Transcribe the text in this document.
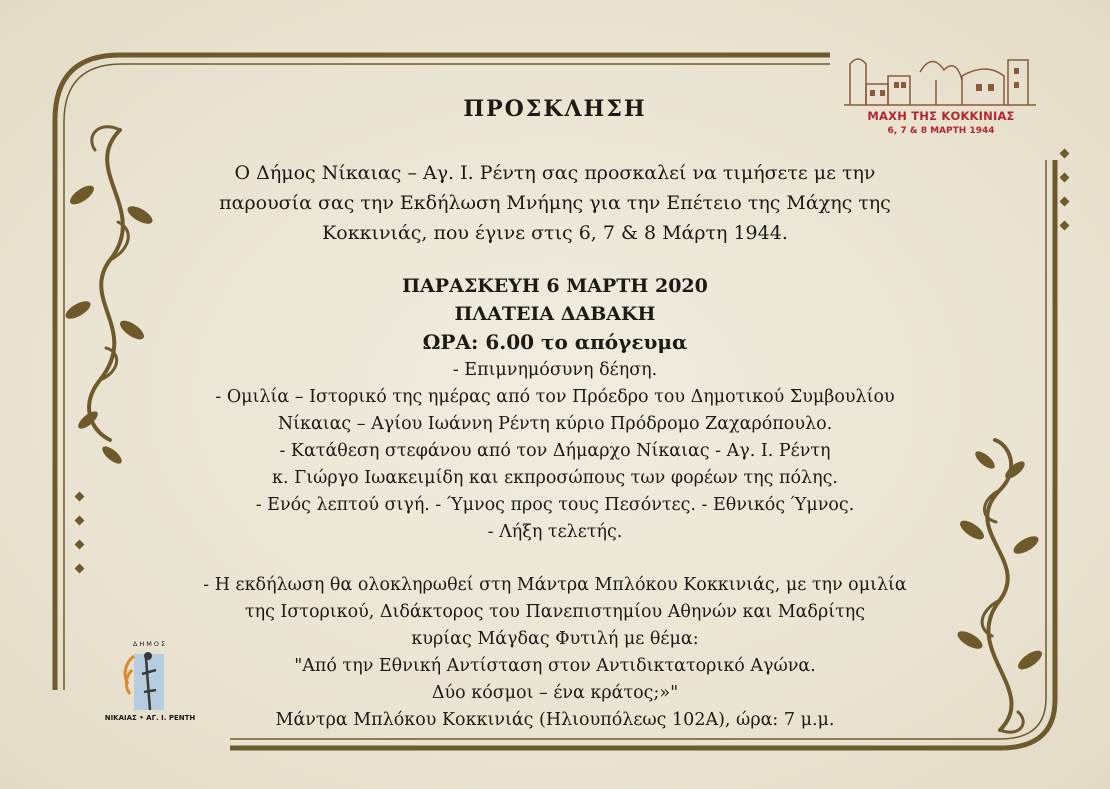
ΜΑΧΗ ΤΗΣ ΚΟΚΚΙΝΙΑΣ
6, 7 & 8 ΜΑΡΤΗ 1944
ΠΡΟΣΚΛΗΣΗ
Ο Δήμος Νίκαιας – Αγ. Ι. Ρέντη σας προσκαλεί να τιμήσετε με την
παρουσία σας την Εκδήλωση Μνήμης για την Επέτειο της Μάχης της
Κοκκινιάς, που έγινε στις 6, 7 & 8 Μάρτη 1944.
ΠΑΡΑΣΚΕΥΗ 6 ΜΑΡΤΗ 2020
ΠΛΑΤΕΙΑ ΔΑΒΑΚΗ
ΩΡΑ: 6.00 το απόγευμα
- Επιμνημόσυνη δέηση.
- Ομιλία – Ιστορικό της ημέρας από τον Πρόεδρο του Δημοτικού Συμβουλίου
Νίκαιας – Αγίου Ιωάννη Ρέντη κύριο Πρόδρομο Ζαχαρόπουλο.
- Κατάθεση στεφάνου από τον Δήμαρχο Νίκαιας - Αγ. Ι. Ρέντη
κ. Γιώργο Ιωακειμίδη και εκπροσώπους των φορέων της πόλης.
- Ενός λεπτού σιγή. - Ύμνος προς τους Πεσόντες. - Εθνικός Ύμνος.
- Λήξη τελετής.
- Η εκδήλωση θα ολοκληρωθεί στη Μάντρα Μπλόκου Κοκκινιάς, με την ομιλία
της Ιστορικού, Διδάκτορος του Πανεπιστημίου Αθηνών και Μαδρίτης
κυρίας Μάγδας Φυτιλή με θέμα:
"Από την Εθνική Αντίσταση στον Αντιδικτατορικό Αγώνα.
Δύο κόσμοι – ένα κράτος;»"
Μάντρα Μπλόκου Κοκκινιάς (Ηλιουπόλεως 102Α), ώρα: 7 μ.μ.
ΔΗΜΟΣ
ΝΙΚΑΙΑΣ • ΑΓ. Ι. ΡΕΝΤΗ
